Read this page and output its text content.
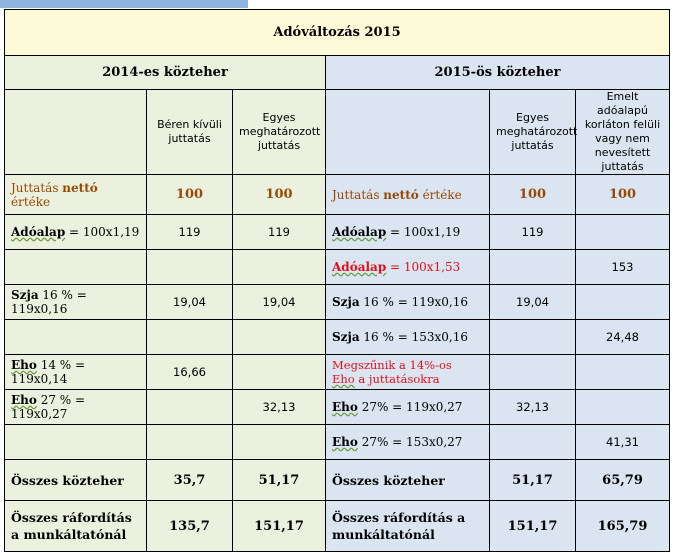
Adóváltozás 2015					
2014-es közteher			2015-ös közteher		
	Béren kívüli juttatás	Egyes meghatározott juttatás		Egyes meghatározott juttatás	Emelt adóalapú korláton felüli vagy nem nevesített juttatás
Juttatás nettó értéke	100	100	Juttatás nettó értéke	100	100
Adóalap = 100x1,19	119	119	Adóalap = 100x1,19	119	
			Adóalap = 100x1,53		153
Szja 16 % = 119x0,16	19,04	19,04	Szja 16 % = 119x0,16	19,04	
			Szja 16 % = 153x0,16		24,48
Eho 14 % = 119x0,14	16,66		Megszűnik a 14%-os
Eho a juttatásokra		
Eho 27 % = 119x0,27		32,13	Eho 27% = 119x0,27	32,13	
			Eho 27% = 153x0,27		41,31
Összes közteher	35,7	51,17	Összes közteher	51,17	65,79
Összes ráfordítás a munkáltatónál	135,7	151,17	Összes ráfordítás a munkáltatónál	151,17	165,79
